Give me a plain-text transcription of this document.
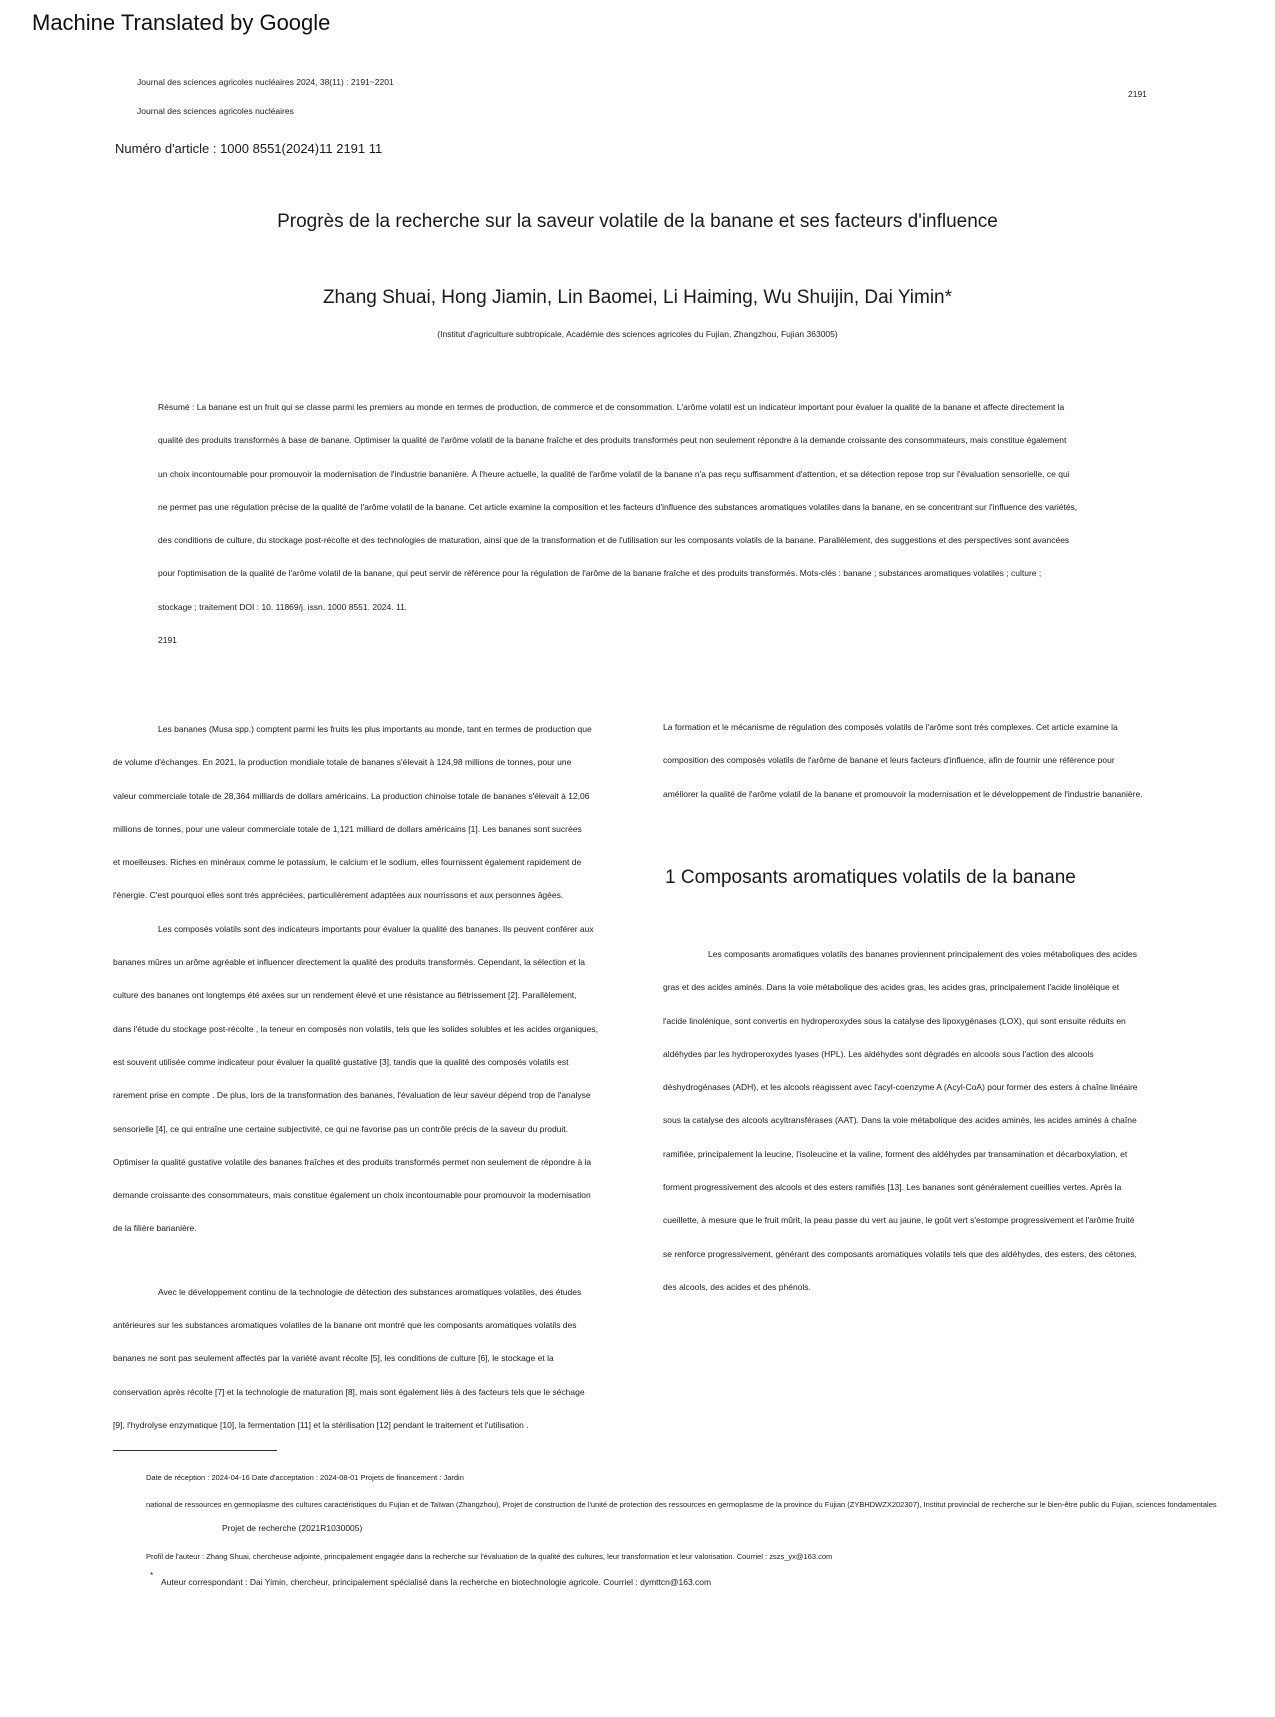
Machine Translated by Google
Journal des sciences agricoles nucléaires 2024, 38(11) : 2191~2201
Journal des sciences agricoles nucléaires
2191
Numéro d'article : 1000 8551(2024)11 2191 11
Progrès de la recherche sur la saveur volatile de la banane et ses facteurs d'influence
Zhang Shuai, Hong Jiamin, Lin Baomei, Li Haiming, Wu Shuijin, Dai Yimin*
(Institut d'agriculture subtropicale, Académie des sciences agricoles du Fujian, Zhangzhou, Fujian 363005)
Résumé : La banane est un fruit qui se classe parmi les premiers au monde en termes de production, de commerce et de consommation. L'arôme volatil est un indicateur important pour évaluer la qualité de la banane et affecte directement la
qualité des produits transformés à base de banane. Optimiser la qualité de l'arôme volatil de la banane fraîche et des produits transformés peut non seulement répondre à la demande croissante des consommateurs, mais constitue également
un choix incontournable pour promouvoir la modernisation de l'industrie bananière. À l'heure actuelle, la qualité de l'arôme volatil de la banane n'a pas reçu suffisamment d'attention, et sa détection repose trop sur l'évaluation sensorielle, ce qui
ne permet pas une régulation précise de la qualité de l'arôme volatil de la banane. Cet article examine la composition et les facteurs d'influence des substances aromatiques volatiles dans la banane, en se concentrant sur l'influence des variétés,
des conditions de culture, du stockage post-récolte et des technologies de maturation, ainsi que de la transformation et de l'utilisation sur les composants volatils de la banane. Parallèlement, des suggestions et des perspectives sont avancées
pour l'optimisation de la qualité de l'arôme volatil de la banane, qui peut servir de référence pour la régulation de l'arôme de la banane fraîche et des produits transformés. Mots-clés : banane ; substances aromatiques volatiles ; culture ;
stockage ; traitement DOI : 10. 11869/j. issn. 1000 8551. 2024. 11.
2191
Les bananes (Musa spp.) comptent parmi les fruits les plus importants au monde, tant en termes de production que
de volume d'échanges. En 2021, la production mondiale totale de bananes s'élevait à 124,98 millions de tonnes, pour une
valeur commerciale totale de 28,364 milliards de dollars américains. La production chinoise totale de bananes s'élevait à 12,06
millions de tonnes, pour une valeur commerciale totale de 1,121 milliard de dollars américains [1]. Les bananes sont sucrées
et moelleuses. Riches en minéraux comme le potassium, le calcium et le sodium, elles fournissent également rapidement de
l'énergie. C'est pourquoi elles sont très appréciées, particulièrement adaptées aux nourrissons et aux personnes âgées.
Les composés volatils sont des indicateurs importants pour évaluer la qualité des bananes. Ils peuvent conférer aux
bananes mûres un arôme agréable et influencer directement la qualité des produits transformés. Cependant, la sélection et la
culture des bananes ont longtemps été axées sur un rendement élevé et une résistance au flétrissement [2]. Parallèlement,
dans l'étude du stockage post-récolte , la teneur en composés non volatils, tels que les solides solubles et les acides organiques,
est souvent utilisée comme indicateur pour évaluer la qualité gustative [3], tandis que la qualité des composés volatils est
rarement prise en compte . De plus, lors de la transformation des bananes, l'évaluation de leur saveur dépend trop de l'analyse
sensorielle [4], ce qui entraîne une certaine subjectivité, ce qui ne favorise pas un contrôle précis de la saveur du produit.
Optimiser la qualité gustative volatile des bananes fraîches et des produits transformés permet non seulement de répondre à la
demande croissante des consommateurs, mais constitue également un choix incontournable pour promouvoir la modernisation
de la filière bananière.
Avec le développement continu de la technologie de détection des substances aromatiques volatiles, des études
antérieures sur les substances aromatiques volatiles de la banane ont montré que les composants aromatiques volatils des
bananes ne sont pas seulement affectés par la variété avant récolte [5], les conditions de culture [6], le stockage et la
conservation après récolte [7] et la technologie de maturation [8], mais sont également liés à des facteurs tels que le séchage
[9], l'hydrolyse enzymatique [10], la fermentation [11] et la stérilisation [12] pendant le traitement et l'utilisation .
La formation et le mécanisme de régulation des composés volatils de l'arôme sont très complexes. Cet article examine la
composition des composés volatils de l'arôme de banane et leurs facteurs d'influence, afin de fournir une référence pour
améliorer la qualité de l'arôme volatil de la banane et promouvoir la modernisation et le développement de l'industrie bananière.
1 Composants aromatiques volatils de la banane
Les composants aromatiques volatils des bananes proviennent principalement des voies métaboliques des acides
gras et des acides aminés. Dans la voie métabolique des acides gras, les acides gras, principalement l'acide linoléique et
l'acide linolénique, sont convertis en hydroperoxydes sous la catalyse des lipoxygénases (LOX), qui sont ensuite réduits en
aldéhydes par les hydroperoxydes lyases (HPL). Les aldéhydes sont dégradés en alcools sous l'action des alcools
déshydrogénases (ADH), et les alcools réagissent avec l'acyl-coenzyme A (Acyl-CoA) pour former des esters à chaîne linéaire
sous la catalyse des alcools acyltransférases (AAT). Dans la voie métabolique des acides aminés, les acides aminés à chaîne
ramifiée, principalement la leucine, l'isoleucine et la valine, forment des aldéhydes par transamination et décarboxylation, et
forment progressivement des alcools et des esters ramifiés [13]. Les bananes sont généralement cueillies vertes. Après la
cueillette, à mesure que le fruit mûrit, la peau passe du vert au jaune, le goût vert s'estompe progressivement et l'arôme fruité
se renforce progressivement, générant des composants aromatiques volatils tels que des aldéhydes, des esters, des cétones,
des alcools, des acides et des phénols.
Date de réception : 2024-04-16 Date d'acceptation : 2024-08-01 Projets de financement : Jardin
national de ressources en germoplasme des cultures caractéristiques du Fujian et de Taïwan (Zhangzhou), Projet de construction de l'unité de protection des ressources en germoplasme de la province du Fujian (ZYBHDWZX202307), Institut provincial de recherche sur le bien-être public du Fujian, sciences fondamentales
Projet de recherche (2021R1030005)
Profil de l'auteur : Zhang Shuai, chercheuse adjointe, principalement engagée dans la recherche sur l'évaluation de la qualité des cultures, leur transformation et leur valorisation. Courriel : zszs_yx@163.com
*
Auteur correspondant : Dai Yimin, chercheur, principalement spécialisé dans la recherche en biotechnologie agricole. Courriel : dymttcn@163.com
